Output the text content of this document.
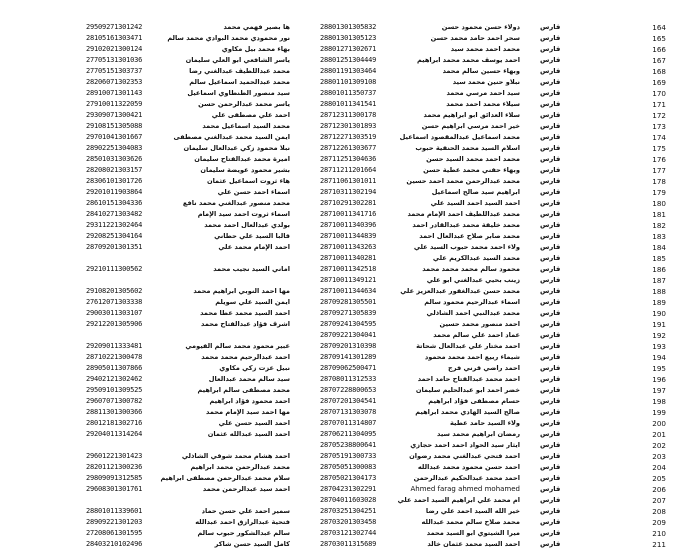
29509271301242	ها بصير فهمي محمد	28801301305832	دولاء حسن محمود حسن	فارس	164
28105161303471	نور محمودي محمد البوادي محمد سالم	28801301305123	سحر احمد حامد محمد حسن	فارس	165
29102021300124	بهاء محمد بيل مكاوي	28801271302671	محمد احمد محمد سيد	فارس	166
27705131301036	ياسر الشافعي ابو العلي سليمان	28801251304449	احمد يوسف محمد محمد ابراهيم	فارس	167
27705151303737	محمد عبداللطيف عبدالغني رضا	28801191303464	وبهاء حسين سالم محمد	فارس	168
28206071302353	محمد عبدالحميد اسماعيل سالم	28801101309108	نبلاو حنين محمد سيد	فارس	169
28910071301143	سيد منصور الطنطاوي اسماعيل	28801011350737	سيد احمد مرسي محمد	فارس	170
27910011322059	ياسر محمد عبدالرحمن حسن	28801011341541	سيلاء محمد احمد محمد	فارس	171
29309071300421	احمد علي مصطفى علي	28712311300178	سلاء العدائق ابو ابراهيم محمد	فارس	172
29108151305088	محمد السيد اسماعيل محمد	28712301301893	خير احمد مرسي ابراهيم حسن	فارس	173
29701041301667	ايمن السيد محمد عبدالغني مصطفى	28712271303519	محمد اسماعيل عبدالمقصود اسماعيل	فارس	174
28902251304083	نبلا محمود زكي عبدالعال سليمان	28712261303677	اسلام السيد محمد الحنفية حبوب	فارس	175
28501031303626	اميرة محمد عبدالفتاح سليمان	28711251304636	محمد احمد محمد السيد حسن	فارس	176
28208021303157	بشير محمود عويضة سليمان	28711211201664	وبهاء حفني محمد عطية حسن	فارس	177
28306101301726	هاء ثروت اسماعيل عثمان	28711061301011	محمد عبدالرحمن محمد احمد حسين	فارس	178
29201011903864	اسماء احمد حسن علي	28710311302194	ابراهيم سيد صالح اسماعيل	فارس	179
28610151304336	محمد منصور عبدالغني محمد نافع	28710291302281	احمد السيد احمد السيد علي	فارس	180
28410271303482	اسماء ثروت احمد سيد الإمام	28710011341716	محمد عبداللطيف احمد الإمام محمد	فارس	181
29311221302464	بولدي عبدالعال احمد محمد	28710011340396	محمد خليفة محمد عبدالقادر احمد	فارس	182
29208251304164	قالبا السيد علي حطاني	28710011344839	محمد صابر صلاح عبدالعال احمد	فارس	183
28709201301351	احمد الإمام محمد علي	28710011343263	ولاء احمد محمد حبوب السيد علي	فارس	184
28710011340281	محمد السيد عبدالكريم علي	فارس	185
29210111300562	اماني السيد نجيب محمد	28710011342518	محمود سالم محمد محمد محمد	فارس	186
28710011349121	زينب بحيي عبدالغني ابو علي	فارس	187
29108201305602	مها احمد النوبي ابراهيم محمد	28710011344634	محمد حسن عبدالغفور عبدالعزيز علي	فارس	188
27612071303338	ايمن السيد علي سويلم	28709281305501	اسماء عبدالرحيم محمود سالم	فارس	189
29003011303107	احمد السيد محمد عطا محمد	28709271305839	محمد عبدالنبي احمد الشاذلي	فارس	190
29212201305906	اشرف فؤاد عبدالفتاح محمد	28709241304595	احمد منصور محمد حسين	فارس	191
28709221304041	عماد احمد علي سالم محمد	فارس	192
29209011333481	عبير محمود محمد سالم الفيومي	28709201310398	احمد مختار علي عبدالعال شحاتة	فارس	193
28710221300478	احمد عبدالرحيم محمد محمد	28709141301289	شيماء ربيع احمد محمد محمود	فارس	194
28905011307866	نبيل عزت زكي مكاوي	28709062500471	احمد راضي قرني فرج	فارس	195
29402121302462	سيد سالم محمد عبدالعال	28708011312533	احمد محمد عبدالفتاح حامد احمد	فارس	196
29509101309525	محمد مصطفى سالم ابراهيم	28707228800653	خضر احمد ابو عبدالحليم سليمان	فارس	197
29607071300782	احمد محمود فؤاد ابراهيم	28707201304541	حسام مصطفى فؤاد ابراهيم	فارس	198
28811301300366	مها احمد سيد الإمام محمد	28707131303078	صالح السيد الهادي محمد ابراهيم	فارس	199
28012181302716	احمد السيد حسن علي	28707011314807	ولاء السيد حامد عطية	فارس	200
29204011314264	احمد السيد عبدالله عثمان	28706211304095	رمضان ابراهيم محمد سيد	فارس	201
28705238800641	ايثار سيد الحواد احمد احمد حجازي	فارس	202
29601221301423	احمد هشام محمد شوقي الشاذلي	28705191300733	احمد فتحي عبدالغني محمد رضوان	فارس	203
28201121300236	محمد عبدالرحمن محمد ابراهيم	28705051300083	احمد حسن محمود محمد عبدالله	فارس	204
29809091312585	سلام محمد عبدالرحمن مصطفى ابراهيم	28705021304173	احمد محمد عبدالحكيم عبدالرحمن	فارس	205
29608301301761	احمد سيد عبدالرحمن محمد	28704231302291	Ahmed farag ahmed mohamed	فارس	206
28704011603028	ام محمد علي ابراهيم السيد احمد علي	فارس	207
28801011339601	سمير احمد علي حسن حماد	28703251304251	خير الله السيد احمد علي رضا	فارس	208
28909221301203	فتحية عبدالرازق احمد عبدالله	28703201303458	محمد صلاح سالم محمد عبدالله	فارس	209
27208061301595	سالم عبدالشكور حبوب سالم	28703121302744	ميرا الشيتوي ابو السيد محمد	فارس	210
28403210102496	كامل السيد حسن شاكر	28703011315689	احمد السيد محمد عثمان خالد	فارس	211
